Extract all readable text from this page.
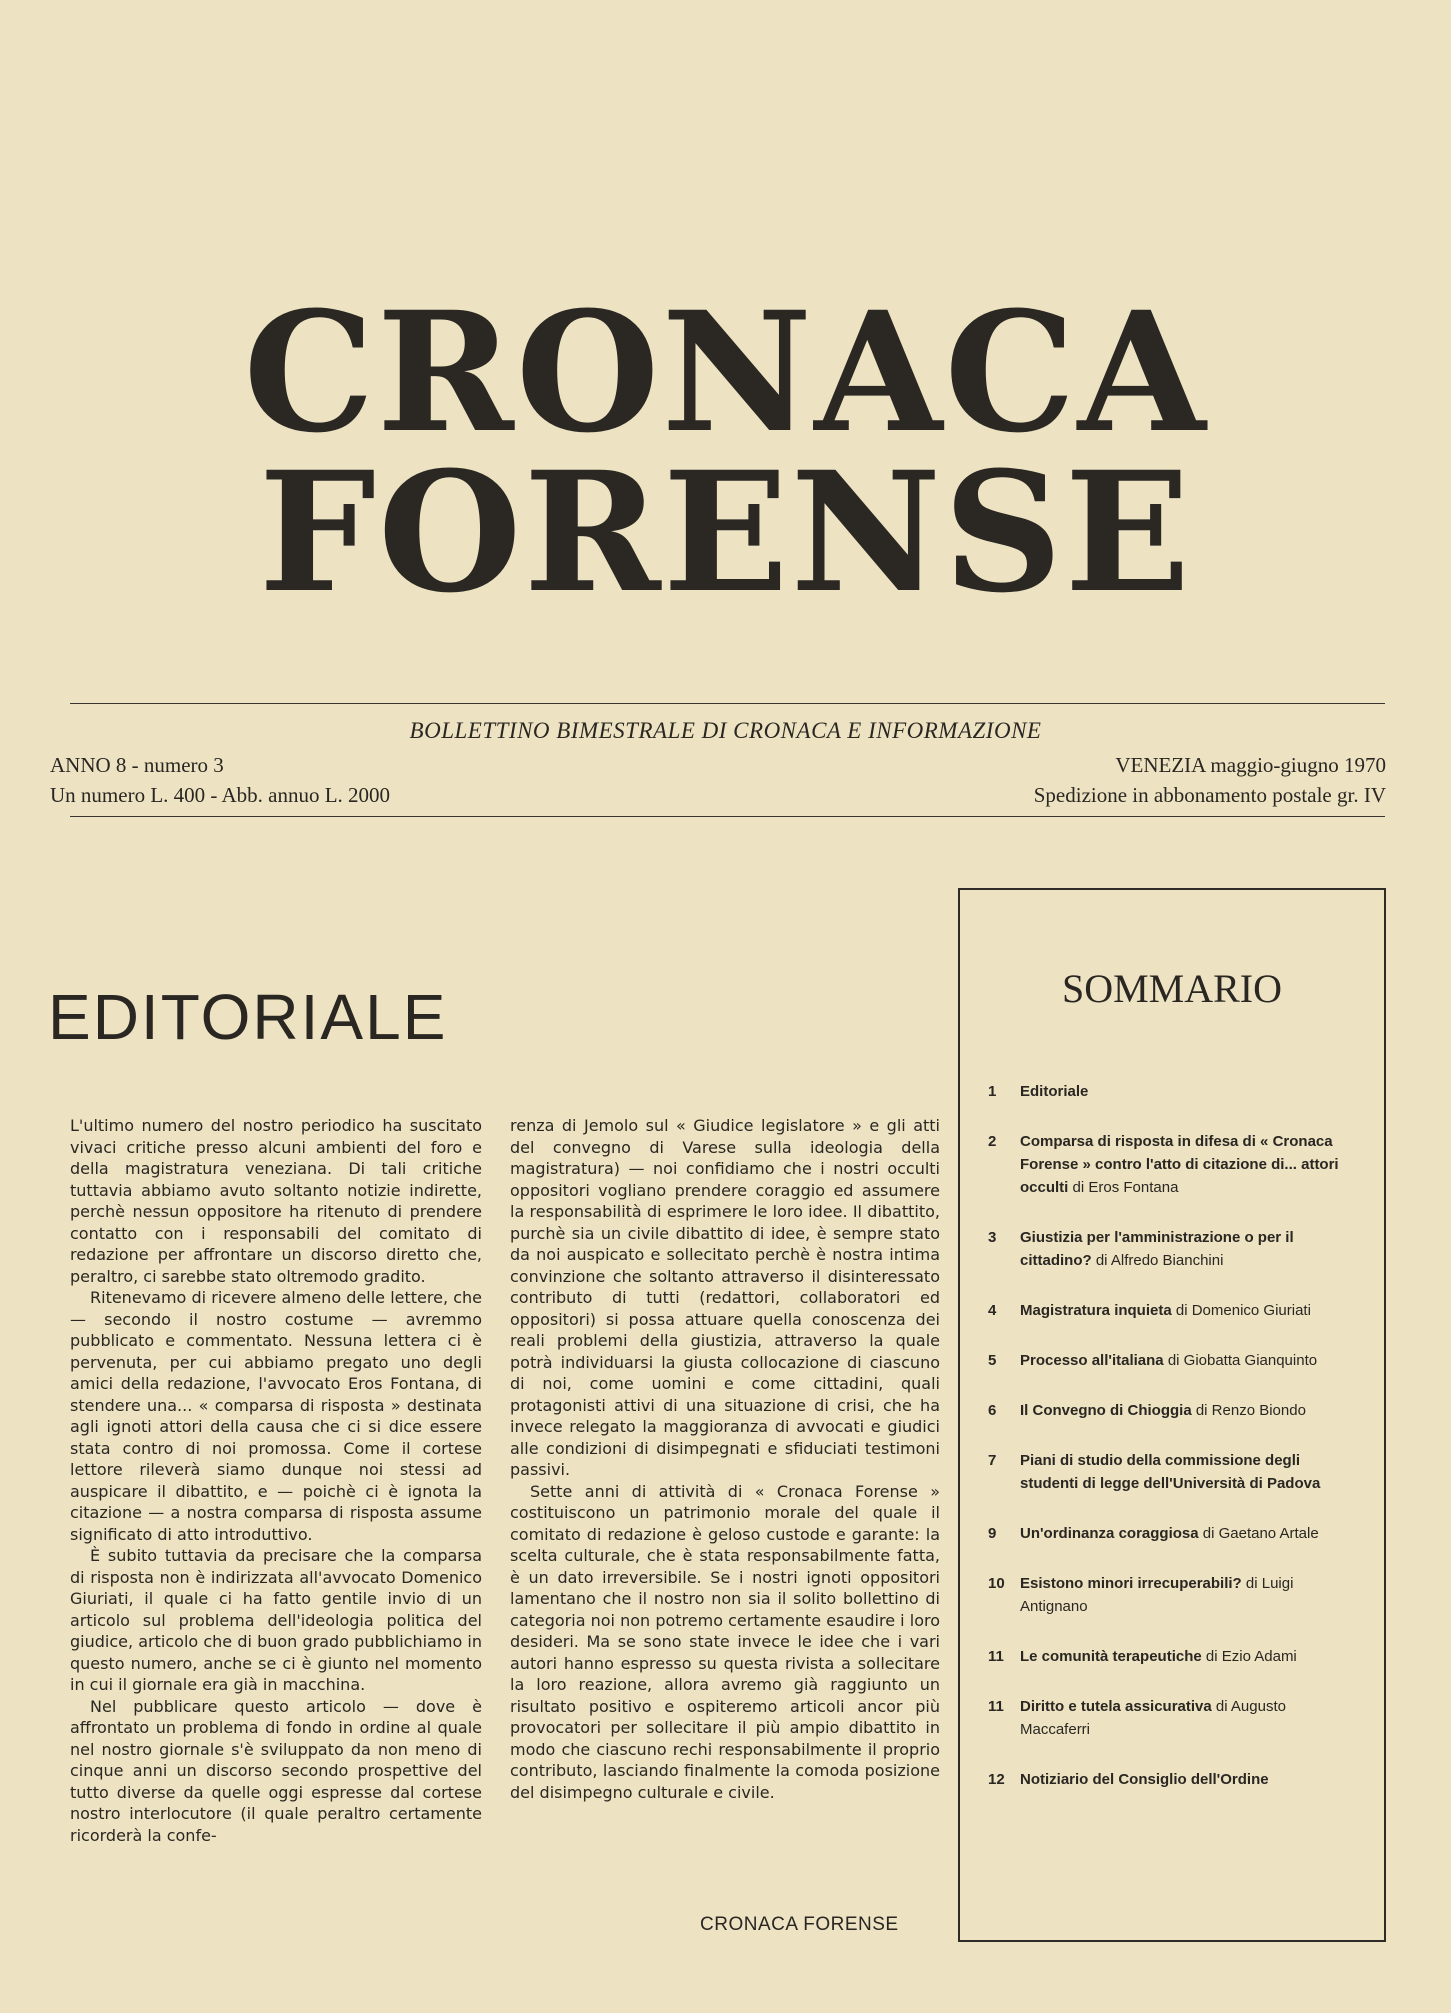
CRONACA
FORENSE
BOLLETTINO BIMESTRALE DI CRONACA E INFORMAZIONE
ANNO 8 - numero 3
Un numero L. 400 - Abb. annuo L. 2000
VENEZIA maggio-giugno 1970
Spedizione in abbonamento postale gr. IV
EDITORIALE

L'ultimo numero del nostro periodico ha suscitato vivaci critiche presso alcuni ambienti del foro e della magistratura veneziana. Di tali critiche tuttavia abbiamo avuto soltanto notizie indirette, perchè nessun oppositore ha ritenuto di prendere contatto con i responsabili del comitato di redazione per affrontare un discorso diretto che, peraltro, ci sarebbe stato oltremodo gradito.

Ritenevamo di ricevere almeno delle lettere, che — secondo il nostro costume — avremmo pubblicato e commentato. Nessuna lettera ci è pervenuta, per cui abbiamo pregato uno degli amici della redazione, l'avvocato Eros Fontana, di stendere una... « comparsa di risposta » destinata agli ignoti attori della causa che ci si dice essere stata contro di noi promossa. Come il cortese lettore rileverà siamo dunque noi stessi ad auspicare il dibattito, e — poichè ci è ignota la citazione — a nostra comparsa di risposta assume significato di atto introduttivo.

È subito tuttavia da precisare che la comparsa di risposta non è indirizzata all'avvocato Domenico Giuriati, il quale ci ha fatto gentile invio di un articolo sul problema dell'ideologia politica del giudice, articolo che di buon grado pubblichiamo in questo numero, anche se ci è giunto nel momento in cui il giornale era già in macchina.

Nel pubblicare questo articolo — dove è affrontato un problema di fondo in ordine al quale nel nostro giornale s'è sviluppato da non meno di cinque anni un discorso secondo prospettive del tutto diverse da quelle oggi espresse dal cortese nostro interlocutore (il quale peraltro certamente ricorderà la confe-

renza di Jemolo sul « Giudice legislatore » e gli atti del convegno di Varese sulla ideologia della magistratura) — noi confidiamo che i nostri occulti oppositori vogliano prendere coraggio ed assumere la responsabilità di esprimere le loro idee. Il dibattito, purchè sia un civile dibattito di idee, è sempre stato da noi auspicato e sollecitato perchè è nostra intima convinzione che soltanto attraverso il disinteressato contributo di tutti (redattori, collaboratori ed oppositori) si possa attuare quella conoscenza dei reali problemi della giustizia, attraverso la quale potrà individuarsi la giusta collocazione di ciascuno di noi, come uomini e come cittadini, quali protagonisti attivi di una situazione di crisi, che ha invece relegato la maggioranza di avvocati e giudici alle condizioni di disimpegnati e sfiduciati testimoni passivi.

Sette anni di attività di « Cronaca Forense » costituiscono un patrimonio morale del quale il comitato di redazione è geloso custode e garante: la scelta culturale, che è stata responsabilmente fatta, è un dato irreversibile. Se i nostri ignoti oppositori lamentano che il nostro non sia il solito bollettino di categoria noi non potremo certamente esaudire i loro desideri. Ma se sono state invece le idee che i vari autori hanno espresso su questa rivista a sollecitare la loro reazione, allora avremo già raggiunto un risultato positivo e ospiteremo articoli ancor più provocatori per sollecitare il più ampio dibattito in modo che ciascuno rechi responsabilmente il proprio contributo, lasciando finalmente la comoda posizione del disimpegno culturale e civile.

CRONACA FORENSE
SOMMARIO
1 Editoriale
2 Comparsa di risposta in difesa di « Cronaca Forense » contro l'atto di citazione di... attori occulti di Eros Fontana
3 Giustizia per l'amministrazione o per il cittadino? di Alfredo Bianchini
4 Magistratura inquieta di Domenico Giuriati
5 Processo all'italiana di Giobatta Gianquinto
6 Il Convegno di Chioggia di Renzo Biondo
7 Piani di studio della commissione degli studenti di legge dell'Università di Padova
9 Un'ordinanza coraggiosa di Gaetano Artale
10 Esistono minori irrecuperabili? di Luigi Antignano
11 Le comunità terapeutiche di Ezio Adami
11 Diritto e tutela assicurativa di Augusto Maccaferri
12 Notiziario del Consiglio dell'Ordine
